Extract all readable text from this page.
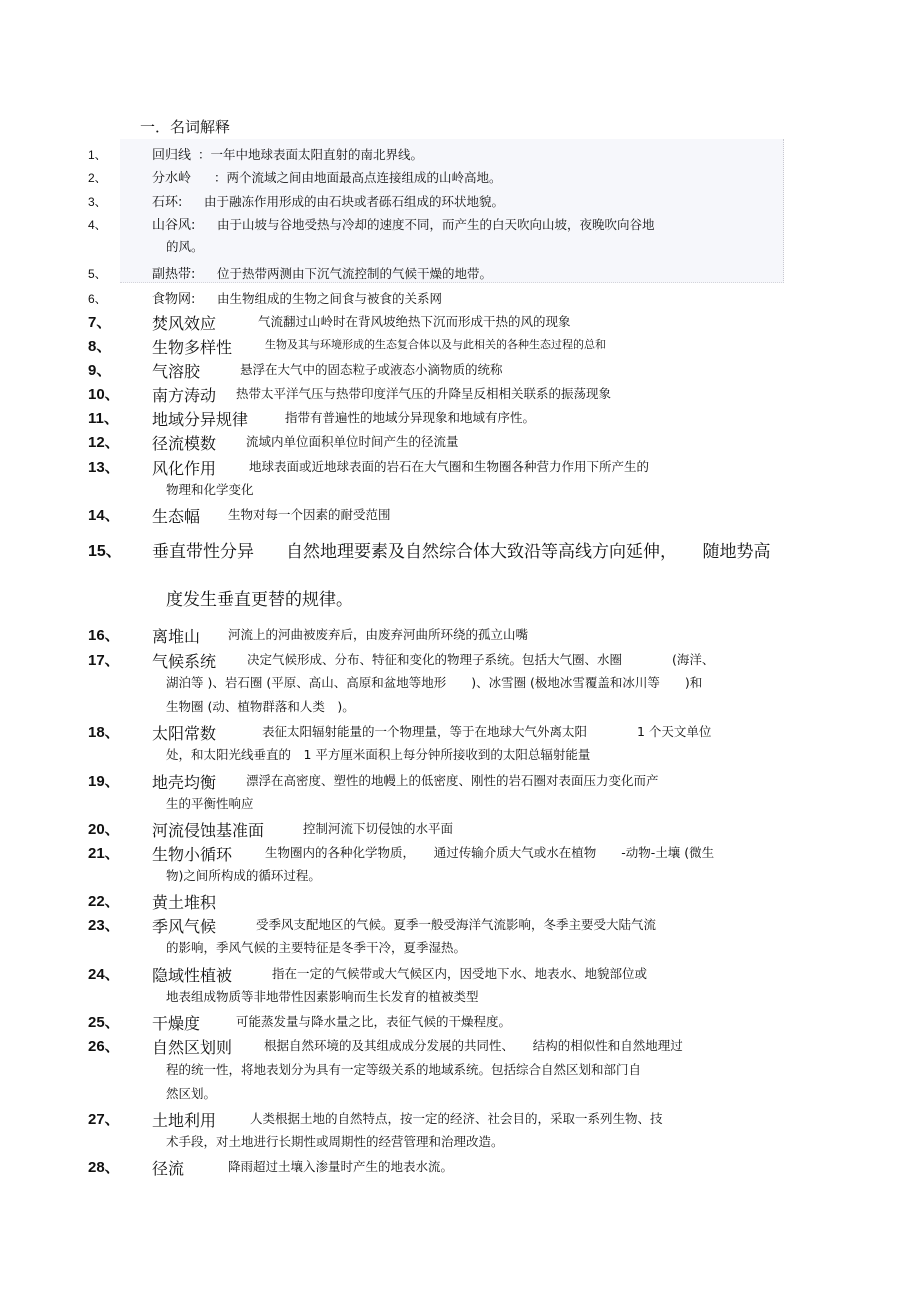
一．名词解释
1、	回归线 ：一年中地球表面太阳直射的南北界线。
2、	分水岭 ：两个流域之间由地面最高点连接组成的山岭高地。
3、	石环: 由于融冻作用形成的由石块或者砾石组成的环状地貌。
4、	山谷风: 由于山坡与谷地受热与冷却的速度不同，而产生的白天吹向山坡，夜晚吹向谷地
的风。
5、	副热带: 位于热带两测由下沉气流控制的气候干燥的地带。
6、	食物网: 由生物组成的生物之间食与被食的关系网
7、	焚风效应	气流翻过山岭时在背风坡绝热下沉而形成干热的风的现象
8、	生物多样性	生物及其与环境形成的生态复合体以及与此相关的各种生态过程的总和
9、	气溶胶	悬浮在大气中的固态粒子或液态小滴物质的统称
10、 南方涛动 热带太平洋气压与热带印度洋气压的升降呈反相相关联系的振荡现象
11、 地域分异规律	指带有普遍性的地域分异现象和地域有序性。
12、 径流模数 流域内单位面积单位时间产生的径流量
13、 风化作用	地球表面或近地球表面的岩石在大气圈和生物圈各种营力作用下所产生的
物理和化学变化
14、 生态幅 生物对每一个因素的耐受范围
15、 垂直带性分异 自然地理要素及自然综合体大致沿等高线方向延伸，　　随地势高
度发生垂直更替的规律。
16、 离堆山 河流上的河曲被废弃后，由废弃河曲所环绕的孤立山嘴
17、 气候系统 决定气候形成、分布、特征和变化的物理子系统。包括大气圈、水圈　　　　(海洋、
湖泊等 )、岩石圈 (平原、高山、高原和盆地等地形　　)、冰雪圈 (极地冰雪覆盖和冰川等　　)和
生物圈 (动、植物群落和人类　)。
18、 太阳常数	表征太阳辐射能量的一个物理量，等于在地球大气外离太阳　　　　1 个天文单位
处，和太阳光线垂直的　1 平方厘米面积上每分钟所接收到的太阳总辐射能量
19、 地壳均衡 漂浮在高密度、塑性的地幔上的低密度、刚性的岩石圈对表面压力变化而产
生的平衡性响应
20、 河流侵蚀基准面	控制河流下切侵蚀的水平面
21、 生物小循环	生物圈内的各种化学物质，　　通过传输介质大气或水在植物　　-动物-土壤 (微生
物)之间所构成的循环过程。
22、 黄土堆积
23、 季风气候	受季风支配地区的气候。夏季一般受海洋气流影响，冬季主要受大陆气流
的影响，季风气候的主要特征是冬季干冷，夏季湿热。
24、 隐域性植被	指在一定的气候带或大气候区内，因受地下水、地表水、地貌部位或
地表组成物质等非地带性因素影响而生长发育的植被类型
25、 干燥度	可能蒸发量与降水量之比，表征气候的干燥程度。
26、 自然区划则	根据自然环境的及其组成成分发展的共同性、　　结构的相似性和自然地理过
程的统一性，将地表划分为具有一定等级关系的地域系统。包括综合自然区划和部门自
然区划。
27、 土地利用	人类根据土地的自然特点，按一定的经济、社会目的，采取一系列生物、技
术手段，对土地进行长期性或周期性的经营管理和治理改造。
28、 径流	降雨超过土壤入渗量时产生的地表水流。
